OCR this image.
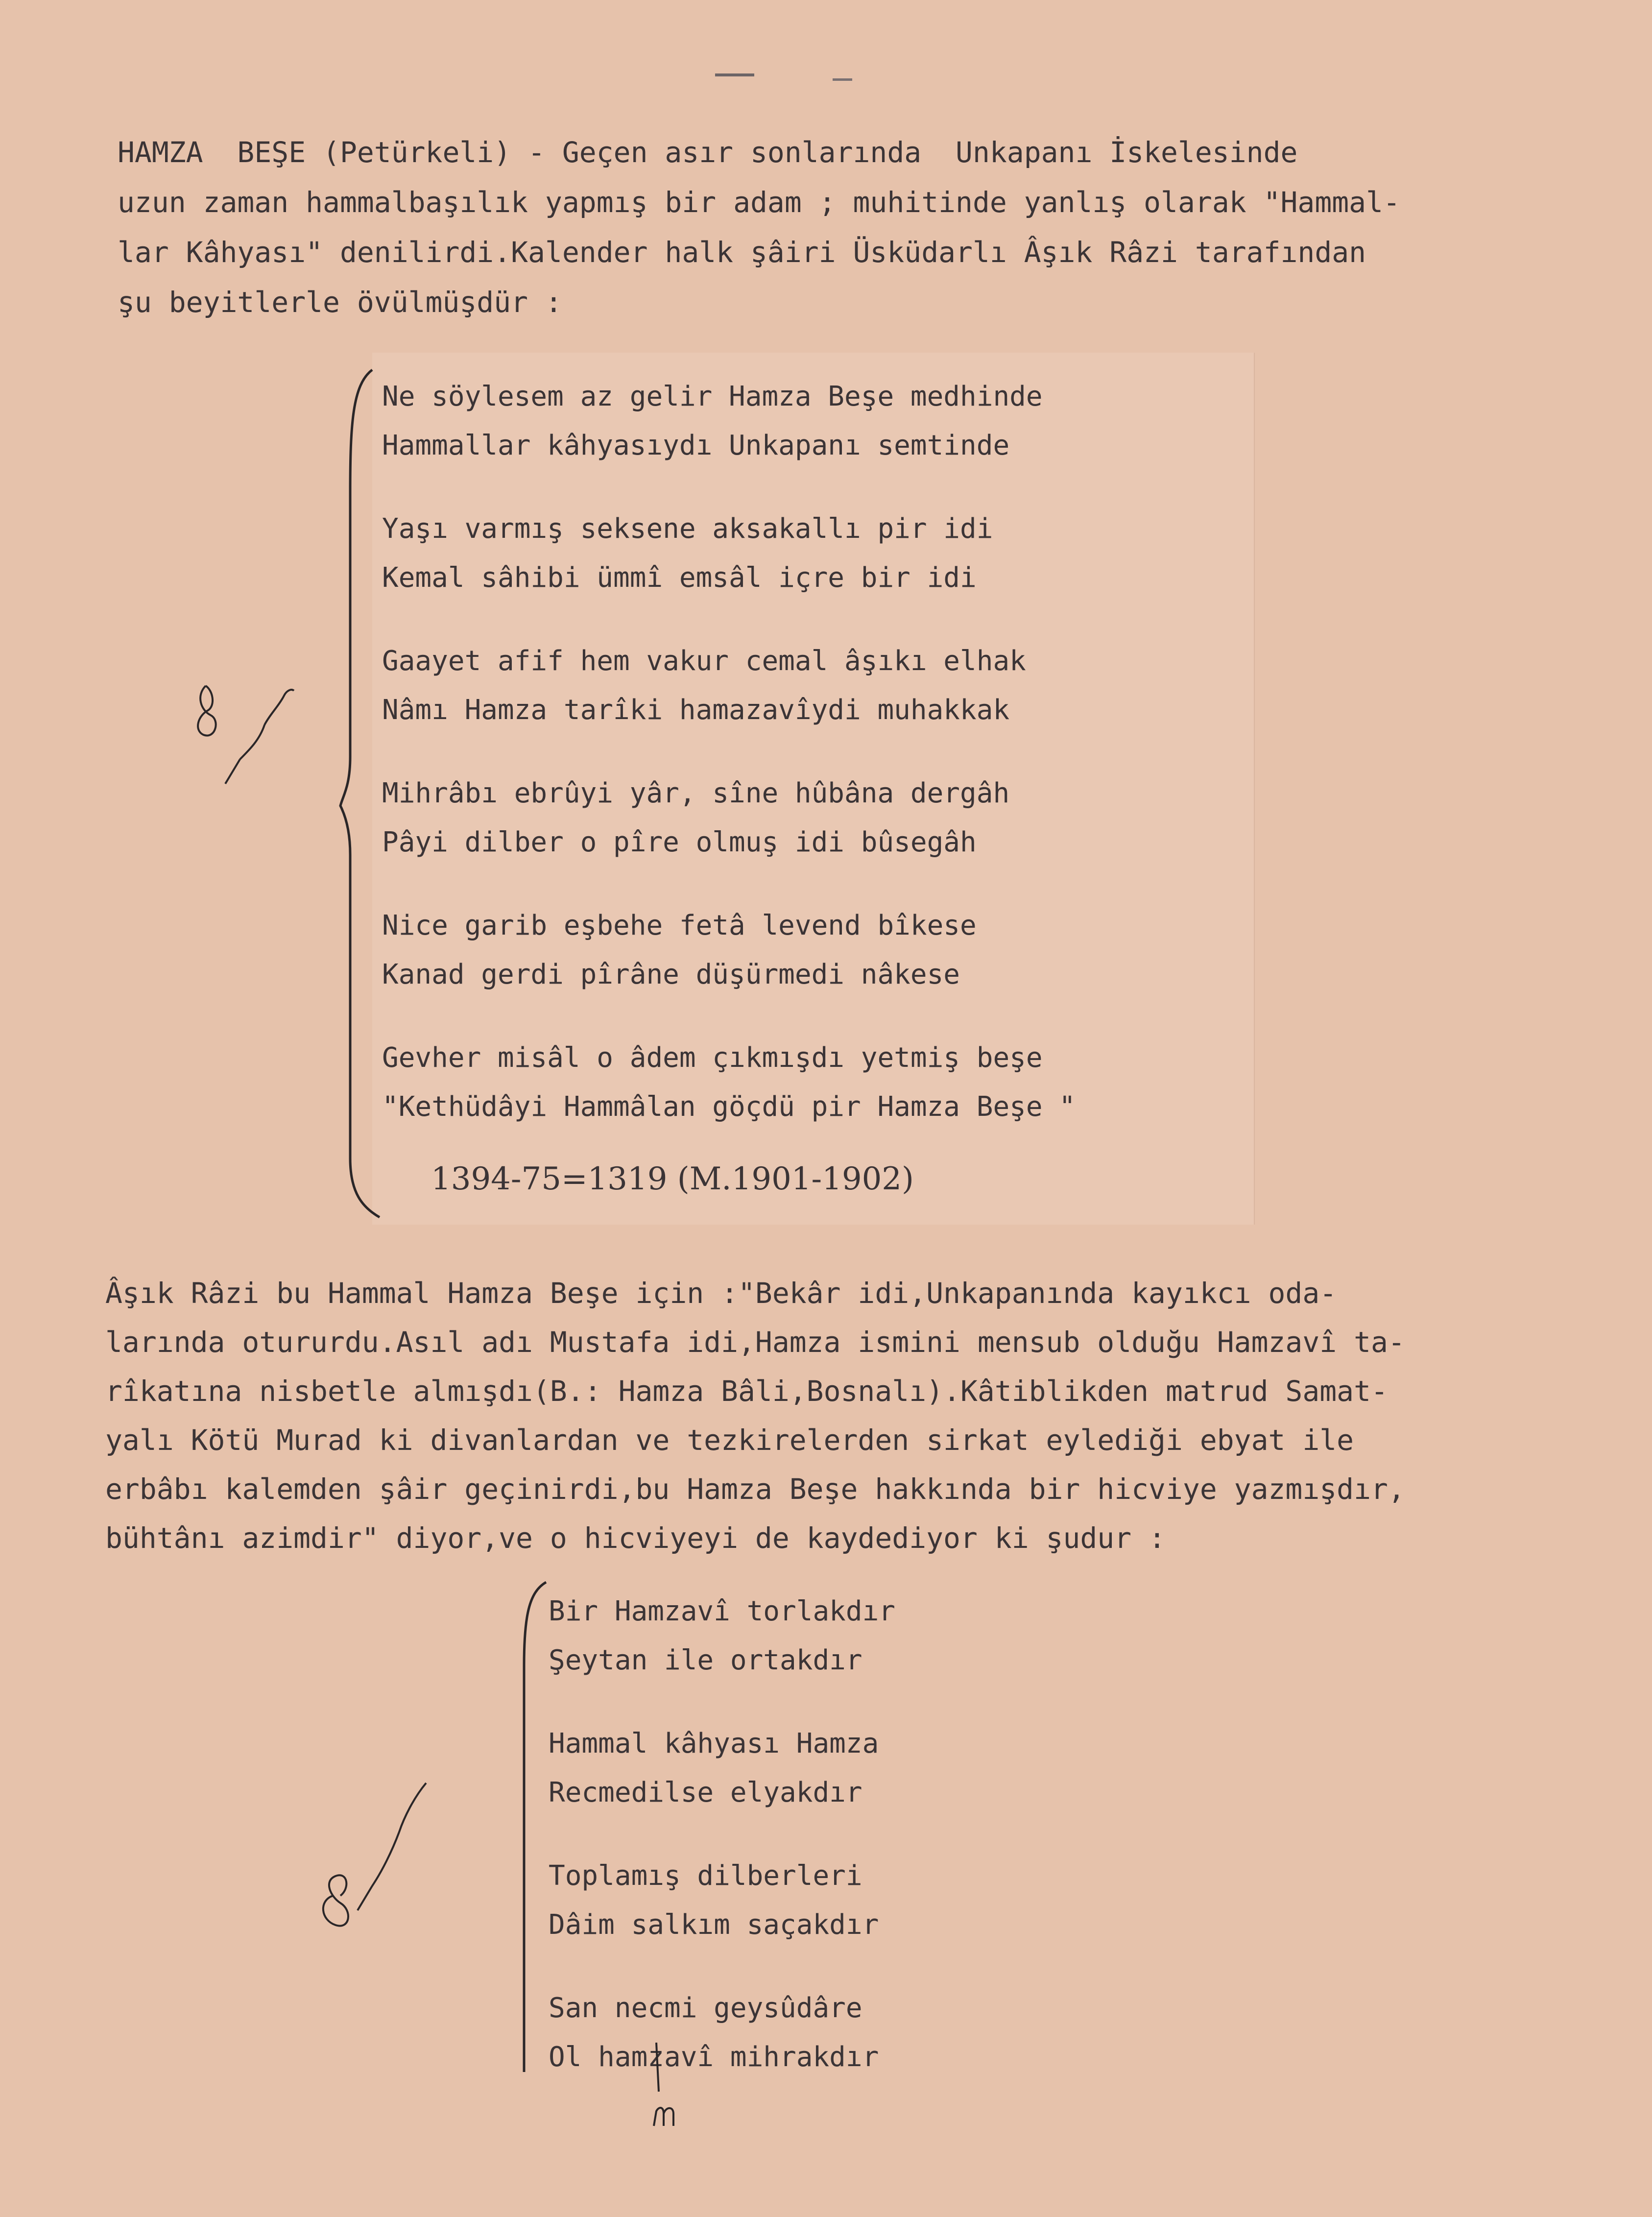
HAMZA  BEŞE (Petürkeli) - Geçen asır sonlarında  Unkapanı İskelesinde
uzun zaman hammalbaşılık yapmış bir adam ; muhitinde yanlış olarak "Hammal-
lar Kâhyası" denilirdi.Kalender halk şâiri Üsküdarlı Âşık Râzi tarafından
şu beyitlerle övülmüşdür :
Ne söylesem az gelir Hamza Beşe medhinde
Hammallar kâhyasıydı Unkapanı semtinde
Yaşı varmış seksene aksakallı pir idi
Kemal sâhibi ümmî emsâl içre bir idi
Gaayet afif hem vakur cemal âşıkı elhak
Nâmı Hamza tarîki hamazavîydi muhakkak
Mihrâbı ebrûyi yâr, sîne hûbâna dergâh
Pâyi dilber o pîre olmuş idi bûsegâh
Nice garib eşbehe fetâ levend bîkese
Kanad gerdi pîrâne düşürmedi nâkese
Gevher misâl o âdem çıkmışdı yetmiş beşe
"Kethüdâyi Hammâlan göçdü pir Hamza Beşe "
1394-75=1319 (M.1901-1902)
Âşık Râzi bu Hammal Hamza Beşe için :"Bekâr idi,Unkapanında kayıkcı oda-
larında otururdu.Asıl adı Mustafa idi,Hamza ismini mensub olduğu Hamzavî ta-
rîkatına nisbetle almışdı(B.: Hamza Bâli,Bosnalı).Kâtiblikden matrud Samat-
yalı Kötü Murad ki divanlardan ve tezkirelerden sirkat eylediği ebyat ile
erbâbı kalemden şâir geçinirdi,bu Hamza Beşe hakkında bir hicviye yazmışdır,
bühtânı azimdir" diyor,ve o hicviyeyi de kaydediyor ki şudur :
Bir Hamzavî torlakdır
Şeytan ile ortakdır
Hammal kâhyası Hamza
Recmedilse elyakdır
Toplamış dilberleri
Dâim salkım saçakdır
San necmi geysûdâre
Ol hamzavî mihrakdır
